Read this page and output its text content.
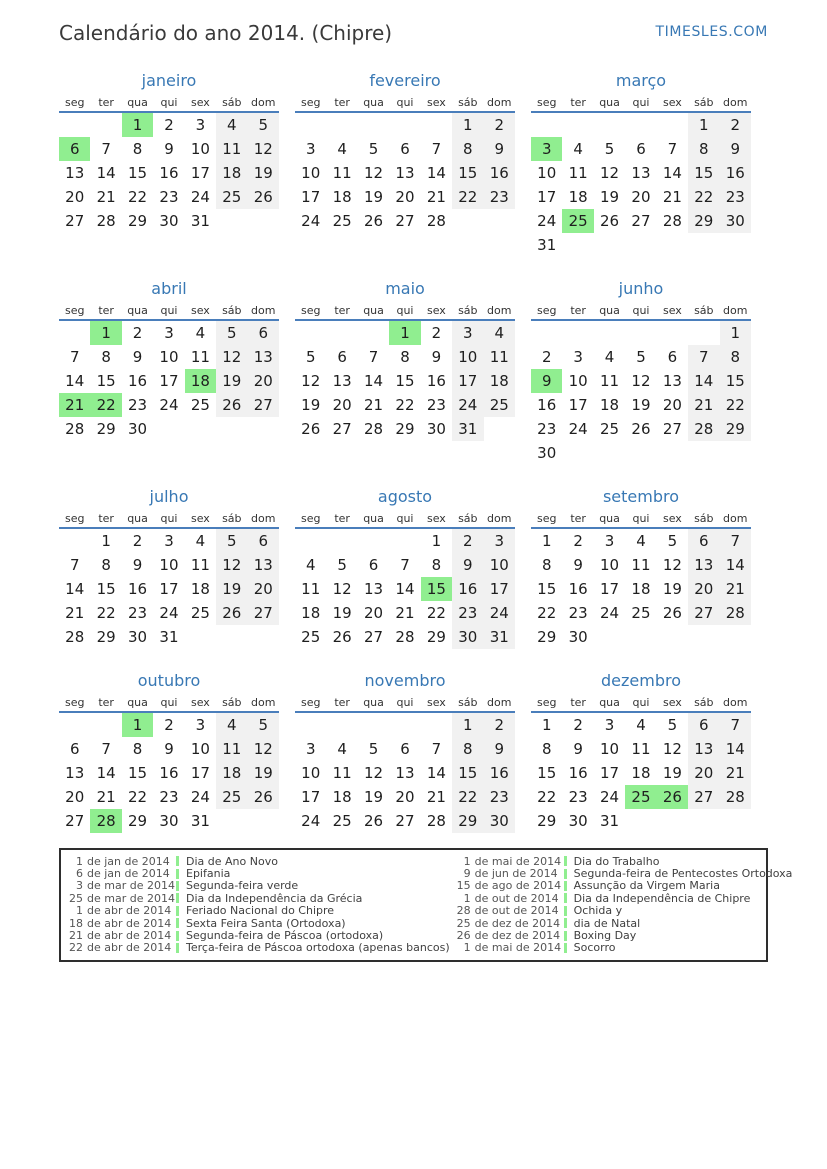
Calendário do ano 2014. (Chipre)	TIMESLES.COM
janeiro
seg	ter	qua	qui	sex	sáb	dom
		1	2	3	4	5
6	7	8	9	10	11	12
13	14	15	16	17	18	19
20	21	22	23	24	25	26
27	28	29	30	31		
fevereiro
seg	ter	qua	qui	sex	sáb	dom
					1	2
3	4	5	6	7	8	9
10	11	12	13	14	15	16
17	18	19	20	21	22	23
24	25	26	27	28		
março
seg	ter	qua	qui	sex	sáb	dom
					1	2
3	4	5	6	7	8	9
10	11	12	13	14	15	16
17	18	19	20	21	22	23
24	25	26	27	28	29	30
31						
abril
seg	ter	qua	qui	sex	sáb	dom
	1	2	3	4	5	6
7	8	9	10	11	12	13
14	15	16	17	18	19	20
21	22	23	24	25	26	27
28	29	30				
maio
seg	ter	qua	qui	sex	sáb	dom
			1	2	3	4
5	6	7	8	9	10	11
12	13	14	15	16	17	18
19	20	21	22	23	24	25
26	27	28	29	30	31	
junho
seg	ter	qua	qui	sex	sáb	dom
						1
2	3	4	5	6	7	8
9	10	11	12	13	14	15
16	17	18	19	20	21	22
23	24	25	26	27	28	29
30						
julho
seg	ter	qua	qui	sex	sáb	dom
	1	2	3	4	5	6
7	8	9	10	11	12	13
14	15	16	17	18	19	20
21	22	23	24	25	26	27
28	29	30	31			
agosto
seg	ter	qua	qui	sex	sáb	dom
				1	2	3
4	5	6	7	8	9	10
11	12	13	14	15	16	17
18	19	20	21	22	23	24
25	26	27	28	29	30	31
setembro
seg	ter	qua	qui	sex	sáb	dom
1	2	3	4	5	6	7
8	9	10	11	12	13	14
15	16	17	18	19	20	21
22	23	24	25	26	27	28
29	30					
outubro
seg	ter	qua	qui	sex	sáb	dom
		1	2	3	4	5
6	7	8	9	10	11	12
13	14	15	16	17	18	19
20	21	22	23	24	25	26
27	28	29	30	31		
novembro
seg	ter	qua	qui	sex	sáb	dom
					1	2
3	4	5	6	7	8	9
10	11	12	13	14	15	16
17	18	19	20	21	22	23
24	25	26	27	28	29	30
dezembro
seg	ter	qua	qui	sex	sáb	dom
1	2	3	4	5	6	7
8	9	10	11	12	13	14
15	16	17	18	19	20	21
22	23	24	25	26	27	28
29	30	31				
1 de jan de 2014 Dia de Ano Novo
6 de jan de 2014 Epifania
3 de mar de 2014 Segunda-feira verde
25 de mar de 2014 Dia da Independência da Grécia
1 de abr de 2014 Feriado Nacional do Chipre
18 de abr de 2014 Sexta Feira Santa (Ortodoxa)
21 de abr de 2014 Segunda-feira de Páscoa (ortodoxa)
22 de abr de 2014 Terça-feira de Páscoa ortodoxa (apenas bancos)
1 de mai de 2014 Dia do Trabalho
9 de jun de 2014 Segunda-feira de Pentecostes Ortodoxa
15 de ago de 2014 Assunção da Virgem Maria
1 de out de 2014 Dia da Independência de Chipre
28 de out de 2014 Ochida y
25 de dez de 2014 dia de Natal
26 de dez de 2014 Boxing Day
1 de mai de 2014 Socorro
